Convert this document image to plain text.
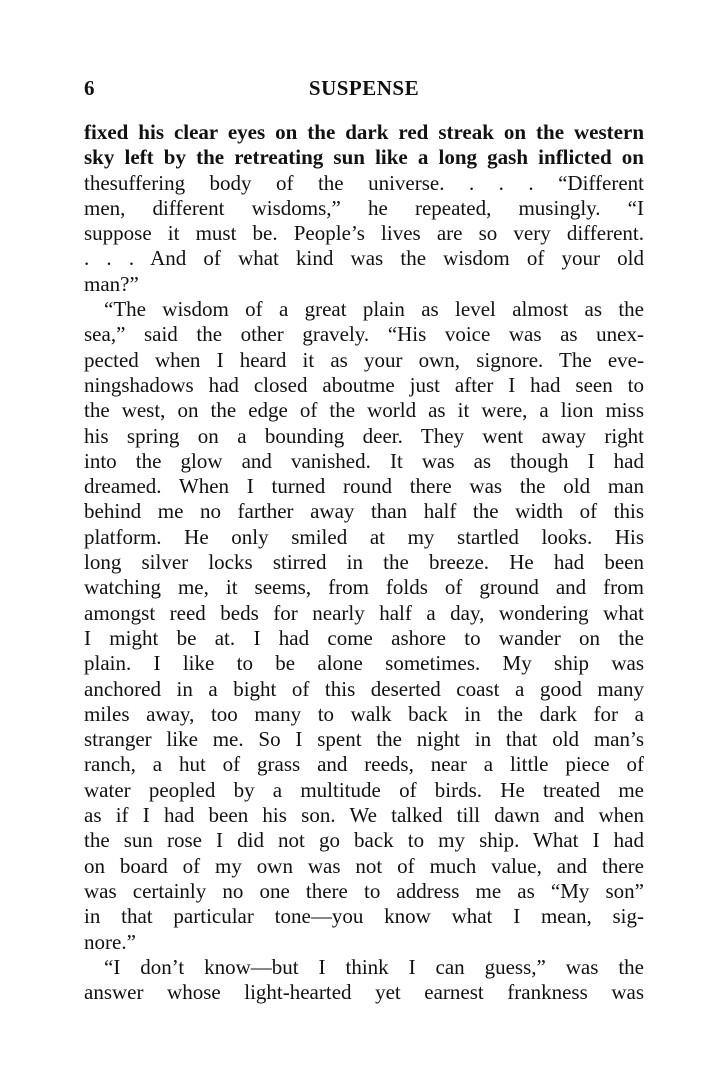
6	SUSPENSE
fixed his clear eyes on the dark red streak on the western
sky left by the retreating sun like a long gash inflicted on
thesuffering body of the universe. . . . “Different
men, different wisdoms,” he repeated, musingly. “I
suppose it must be. People’s lives are so very different.
. . . And of what kind was the wisdom of your old
man?”
“The wisdom of a great plain as level almost as the
sea,” said the other gravely. “His voice was as unex-
pected when I heard it as your own, signore. The eve-
ningshadows had closed aboutme just after I had seen to
the west, on the edge of the world as it were, a lion miss
his spring on a bounding deer. They went away right
into the glow and vanished. It was as though I had
dreamed. When I turned round there was the old man
behind me no farther away than half the width of this
platform. He only smiled at my startled looks. His
long silver locks stirred in the breeze. He had been
watching me, it seems, from folds of ground and from
amongst reed beds for nearly half a day, wondering what
I might be at. I had come ashore to wander on the
plain. I like to be alone sometimes. My ship was
anchored in a bight of this deserted coast a good many
miles away, too many to walk back in the dark for a
stranger like me. So I spent the night in that old man’s
ranch, a hut of grass and reeds, near a little piece of
water peopled by a multitude of birds. He treated me
as if I had been his son. We talked till dawn and when
the sun rose I did not go back to my ship. What I had
on board of my own was not of much value, and there
was certainly no one there to address me as “My son”
in that particular tone—you know what I mean, sig-
nore.”
“I don’t know—but I think I can guess,” was the
answer whose light-hearted yet earnest frankness was
